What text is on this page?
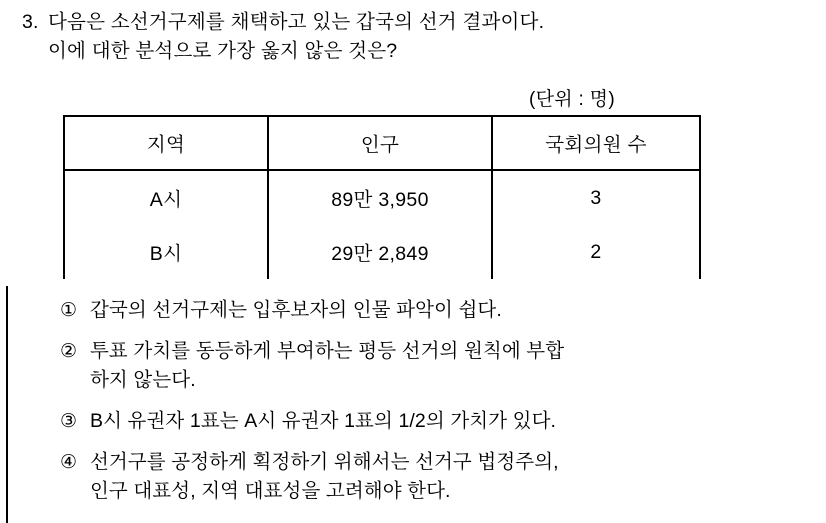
3. 다음은 소선거구제를 채택하고 있는 갑국의 선거 결과이다.
이에 대한 분석으로 가장 옳지 않은 것은?
(단위 : 명)
지역	인구	국회의원 수
A시	89만 3,950	3
B시	29만 2,849	2
① 갑국의 선거구제는 입후보자의 인물 파악이 쉽다.
② 투표 가치를 동등하게 부여하는 평등 선거의 원칙에 부합
하지 않는다.
③ B시 유권자 1표는 A시 유권자 1표의 1/2의 가치가 있다.
④ 선거구를 공정하게 획정하기 위해서는 선거구 법정주의,
인구 대표성, 지역 대표성을 고려해야 한다.
